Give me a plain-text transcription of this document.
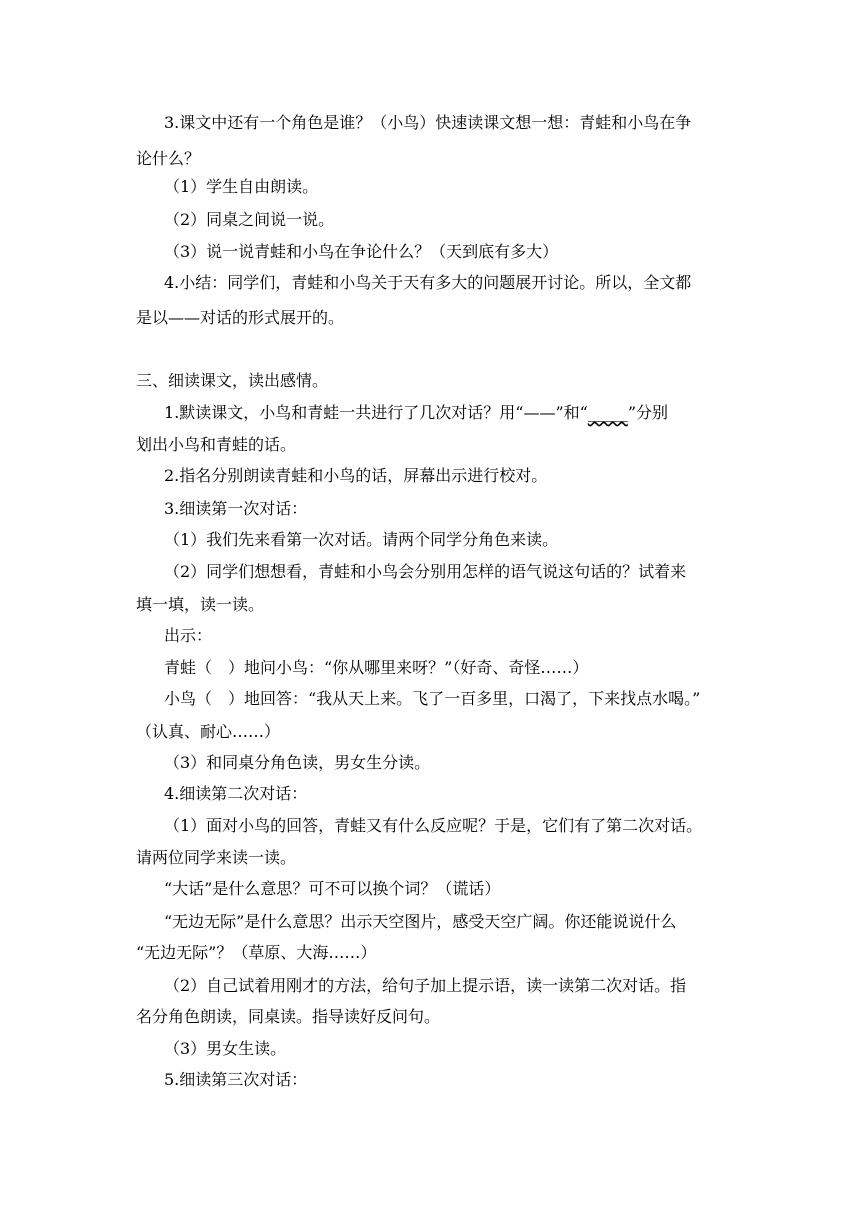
3.课文中还有一个角色是谁？（小鸟）快速读课文想一想：青蛙和小鸟在争
论什么？
（1）学生自由朗读。
（2）同桌之间说一说。
（3）说一说青蛙和小鸟在争论什么？（天到底有多大）
4.小结：同学们，青蛙和小鸟关于天有多大的问题展开讨论。所以，全文都
是以——对话的形式展开的。
三、细读课文，读出感情。
1.默读课文，小鸟和青蛙一共进行了几次对话？用“——”和“_____”分别
划出小鸟和青蛙的话。
2.指名分别朗读青蛙和小鸟的话，屏幕出示进行校对。
3.细读第一次对话：
（1）我们先来看第一次对话。请两个同学分角色来读。
（2）同学们想想看，青蛙和小鸟会分别用怎样的语气说这句话的？试着来
填一填，读一读。
出示：
青蛙（　）地问小鸟：“你从哪里来呀？”（好奇、奇怪……）
小鸟（　）地回答：“我从天上来。飞了一百多里，口渴了，下来找点水喝。”
（认真、耐心……）
（3）和同桌分角色读，男女生分读。
4.细读第二次对话：
（1）面对小鸟的回答，青蛙又有什么反应呢？于是，它们有了第二次对话。
请两位同学来读一读。
“大话”是什么意思？可不可以换个词？（谎话）
“无边无际”是什么意思？出示天空图片，感受天空广阔。你还能说说什么
“无边无际”？（草原、大海……）
（2）自己试着用刚才的方法，给句子加上提示语，读一读第二次对话。指
名分角色朗读，同桌读。指导读好反问句。
（3）男女生读。
5.细读第三次对话：
